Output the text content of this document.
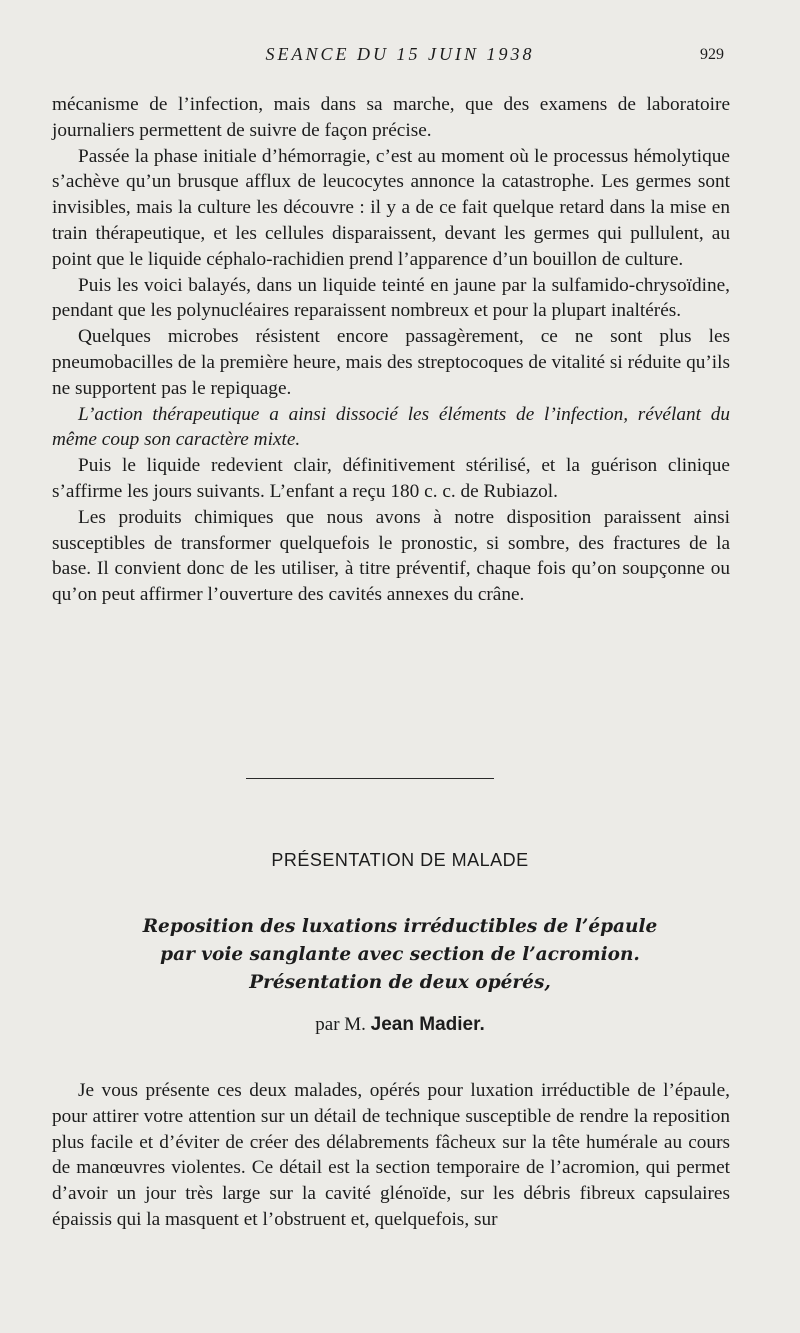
SEANCE DU 15 JUIN 1938	929

mécanisme de l’infection, mais dans sa marche, que des examens de laboratoire journaliers permettent de suivre de façon précise.

Passée la phase initiale d’hémorragie, c’est au moment où le processus hémolytique s’achève qu’un brusque afflux de leucocytes annonce la catastrophe. Les germes sont invisibles, mais la culture les découvre : il y a de ce fait quelque retard dans la mise en train thérapeutique, et les cellules disparaissent, devant les germes qui pullulent, au point que le liquide céphalo-rachidien prend l’apparence d’un bouillon de culture.

Puis les voici balayés, dans un liquide teinté en jaune par la sulfamido-chrysoïdine, pendant que les polynucléaires reparaissent nombreux et pour la plupart inaltérés.

Quelques microbes résistent encore passagèrement, ce ne sont plus les pneumobacilles de la première heure, mais des streptocoques de vitalité si réduite qu’ils ne supportent pas le repiquage.

L’action thérapeutique a ainsi dissocié les éléments de l’infection, révélant du même coup son caractère mixte.

Puis le liquide redevient clair, définitivement stérilisé, et la guérison clinique s’affirme les jours suivants. L’enfant a reçu 180 c. c. de Rubiazol.

Les produits chimiques que nous avons à notre disposition paraissent ainsi susceptibles de transformer quelquefois le pronostic, si sombre, des fractures de la base. Il convient donc de les utiliser, à titre préventif, chaque fois qu’on soupçonne ou qu’on peut affirmer l’ouverture des cavités annexes du crâne.

PRÉSENTATION DE MALADE
Reposition des luxations irréductibles de l’épaule
par voie sanglante avec section de l’acromion.
Présentation de deux opérés,
par M. Jean Madier.

Je vous présente ces deux malades, opérés pour luxation irréductible de l’épaule, pour attirer votre attention sur un détail de technique susceptible de rendre la reposition plus facile et d’éviter de créer des délabrements fâcheux sur la tête humérale au cours de manœuvres violentes. Ce détail est la section temporaire de l’acromion, qui permet d’avoir un jour très large sur la cavité glénoïde, sur les débris fibreux capsulaires épaissis qui la masquent et l’obstruent et, quelquefois, sur
